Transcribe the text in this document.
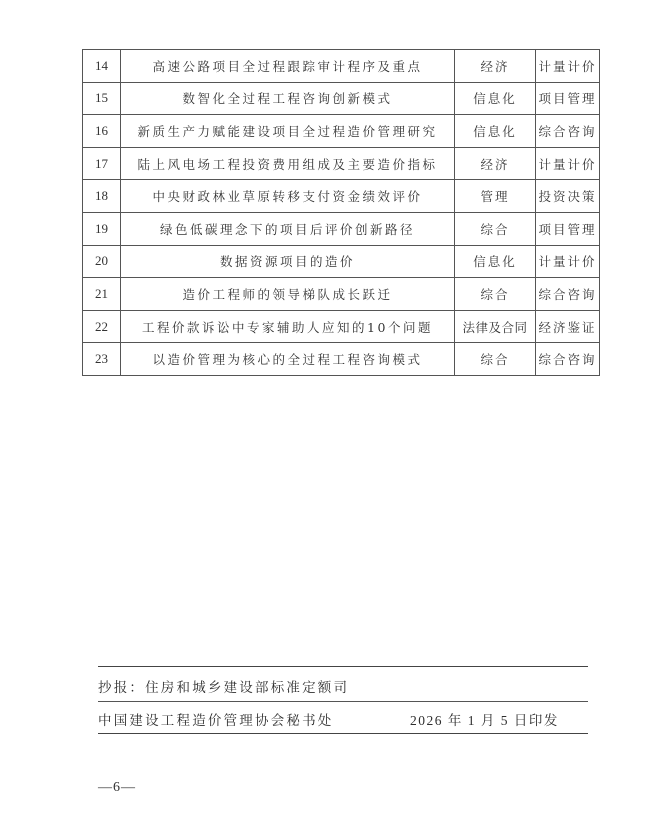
14	高速公路项目全过程跟踪审计程序及重点	经济	计量计价
15	数智化全过程工程咨询创新模式	信息化	项目管理
16	新质生产力赋能建设项目全过程造价管理研究	信息化	综合咨询
17	陆上风电场工程投资费用组成及主要造价指标	经济	计量计价
18	中央财政林业草原转移支付资金绩效评价	管理	投资决策
19	绿色低碳理念下的项目后评价创新路径	综合	项目管理
20	数据资源项目的造价	信息化	计量计价
21	造价工程师的领导梯队成长跃迁	综合	综合咨询
22	工程价款诉讼中专家辅助人应知的10个问题	法律及合同	经济鉴证
23	以造价管理为核心的全过程工程咨询模式	综合	综合咨询
抄报：住房和城乡建设部标准定额司
中国建设工程造价管理协会秘书处	2026 年 1 月 5 日印发
—6—
